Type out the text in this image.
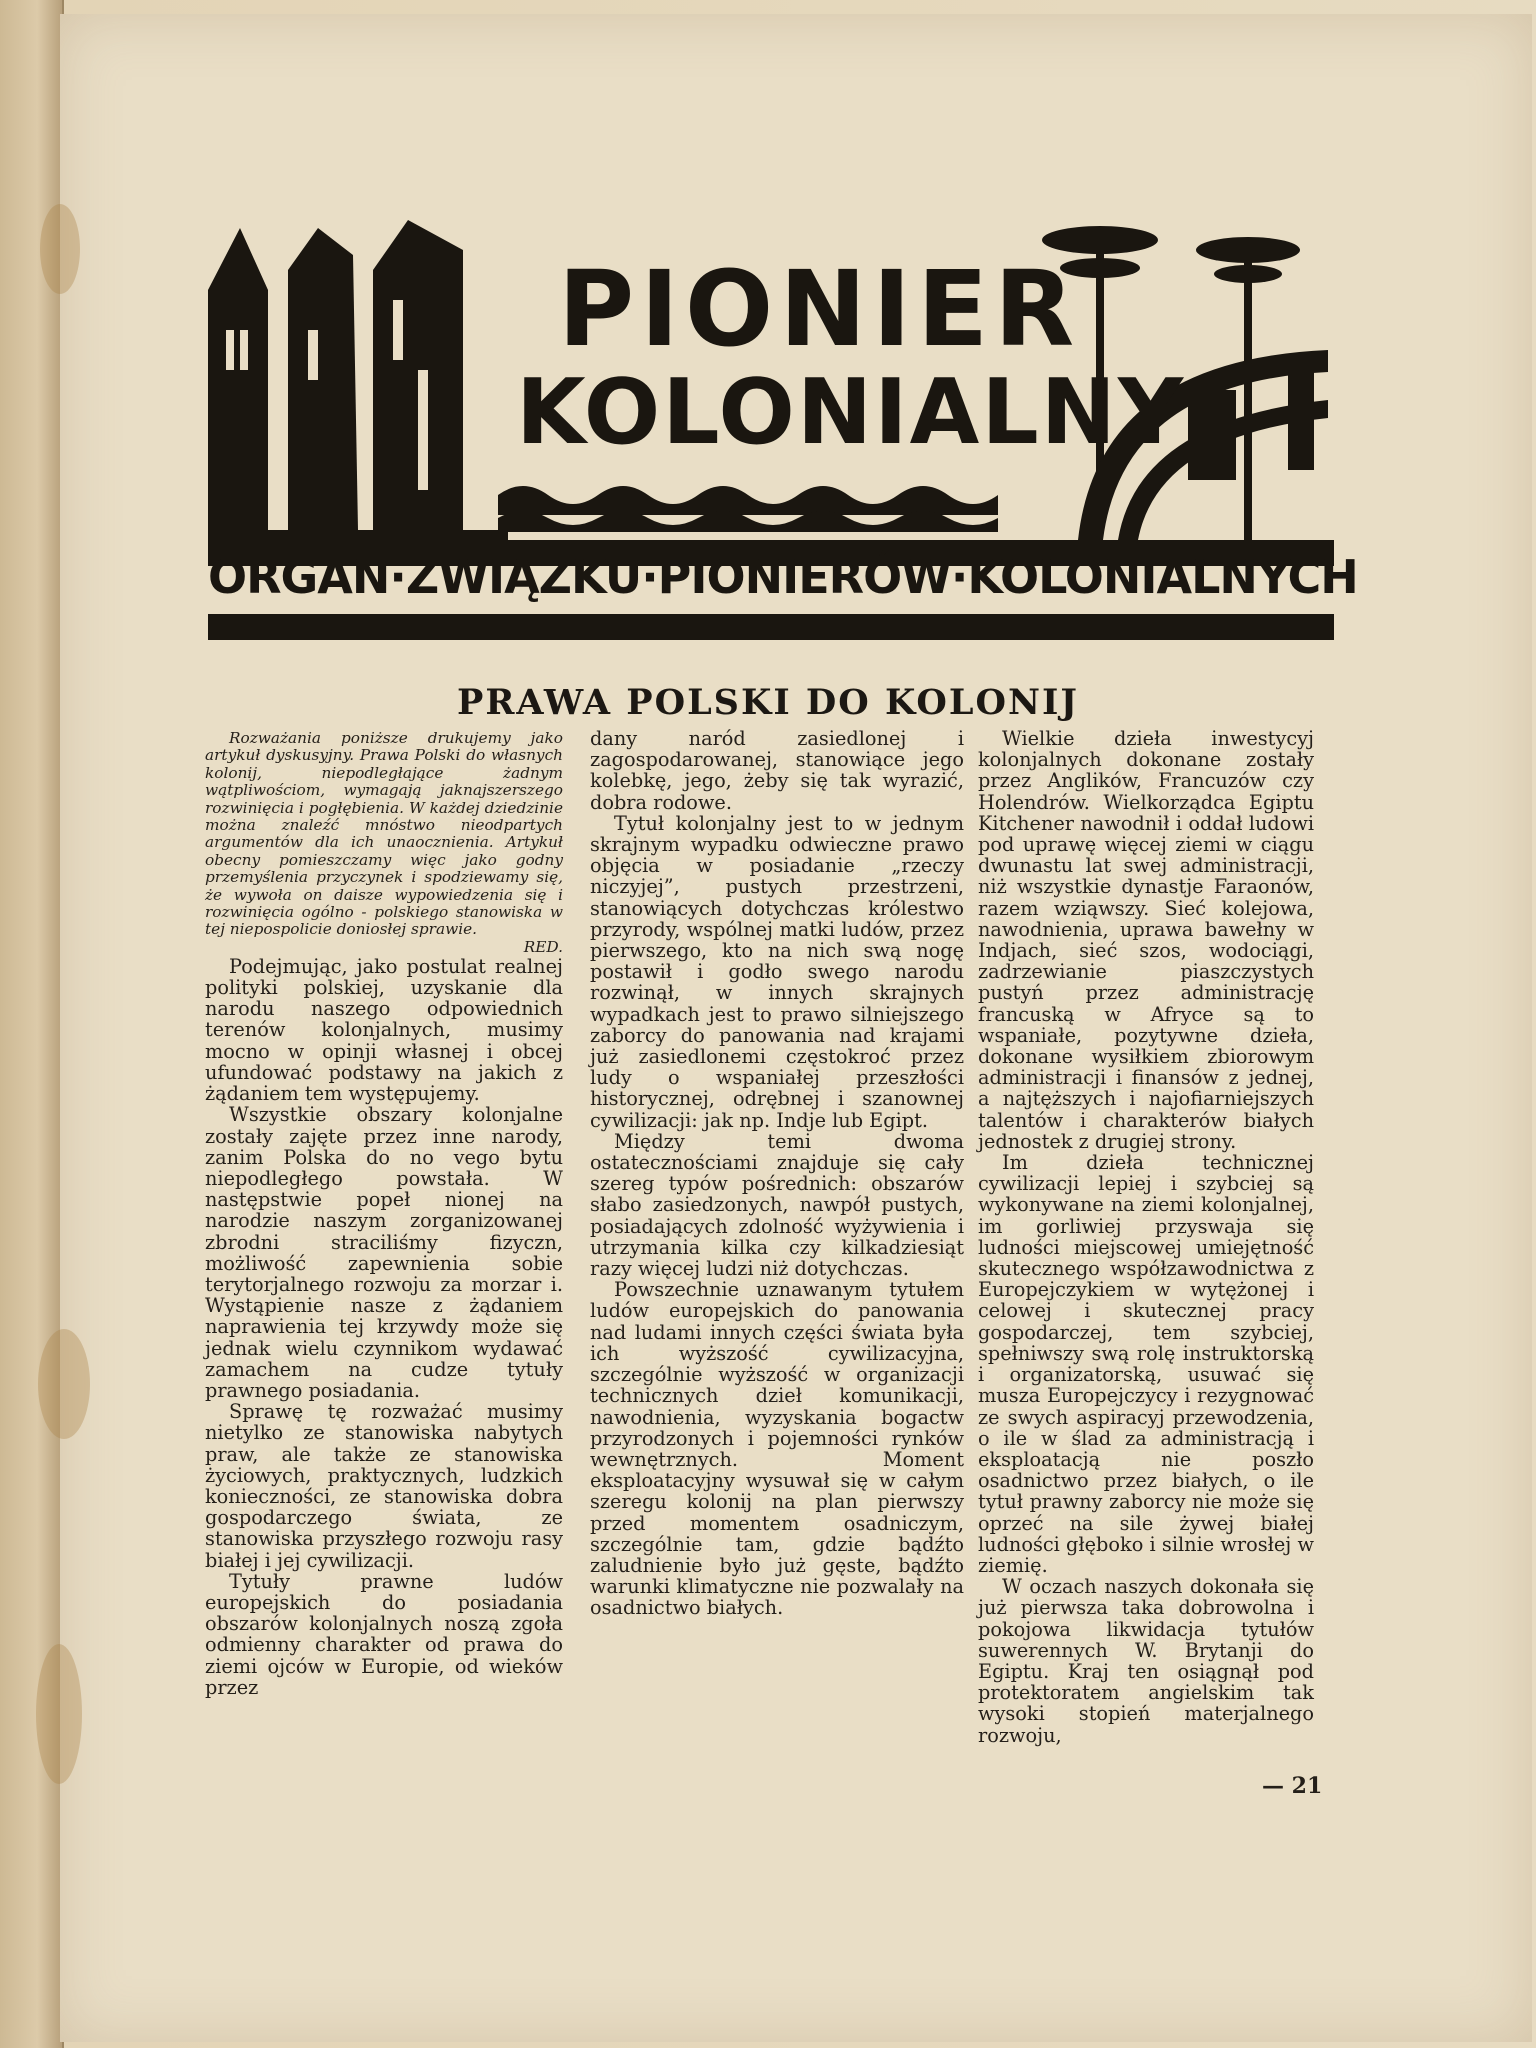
PIONIER
KOLONIALNY
ORGAN·ZWIĄZKU·PIONIERÓW·KOLONIALNYCH
PRAWA POLSKI DO KOLONIJ

Rozważania poniższe drukujemy jako artykuł dyskusyjny. Prawa Polski do własnych kolonij, niepodległające żadnym wątpliwościom, wymagają jaknajszerszego rozwinięcia i pogłębienia. W każdej dziedzinie można znaleźć mnóstwo nieodpartych argumentów dla ich unaocznienia. Artykuł obecny pomieszczamy więc jako godny przemyślenia przyczynek i spodziewamy się, że wywoła on daisze wypowiedzenia się i rozwinięcia ogólno - polskiego stanowiska w tej niepospolicie doniosłej sprawie.

RED.

Podejmując, jako postulat realnej polityki polskiej, uzyskanie dla narodu naszego odpowiednich terenów kolonjalnych, musimy mocno w opinji własnej i obcej ufundować podstawy na jakich z żądaniem tem występujemy.

Wszystkie obszary kolonjalne zostały zajęte przez inne narody, zanim Polska do no vego bytu niepodległego powstała. W następstwie popeł nionej na narodzie naszym zorganizowanej zbrodni straciliśmy fizyczn, możliwość zapewnienia sobie terytorjalnego rozwoju za morzar i. Wystąpienie nasze z żądaniem naprawienia tej krzywdy może się jednak wielu czynnikom wydawać zamachem na cudze tytuły prawnego posiadania.

Sprawę tę rozważać musimy nietylko ze stanowiska nabytych praw, ale także ze stanowiska życiowych, praktycznych, ludzkich konieczności, ze stanowiska dobra gospodarczego świata, ze stanowiska przyszłego rozwoju rasy białej i jej cywilizacji.

Tytuły prawne ludów europejskich do posiadania obszarów kolonjalnych noszą zgoła odmienny charakter od prawa do ziemi ojców w Europie, od wieków przez

dany naród zasiedlonej i zagospodarowanej, stanowiące jego kolebkę, jego, żeby się tak wyrazić, dobra rodowe.

Tytuł kolonjalny jest to w jednym skrajnym wypadku odwieczne prawo objęcia w posiadanie „rzeczy niczyjej”, pustych przestrzeni, stanowiących dotychczas królestwo przyrody, wspólnej matki ludów, przez pierwszego, kto na nich swą nogę postawił i godło swego narodu rozwinął, w innych skrajnych wypadkach jest to prawo silniejszego zaborcy do panowania nad krajami już zasiedlonemi częstokroć przez ludy o wspaniałej przeszłości historycznej, odrębnej i szanownej cywilizacji: jak np. Indje lub Egipt.

Między temi dwoma ostatecznościami znajduje się cały szereg typów pośrednich: obszarów słabo zasiedzonych, nawpół pustych, posiadających zdolność wyżywienia i utrzymania kilka czy kilkadziesiąt razy więcej ludzi niż dotychczas.

Powszechnie uznawanym tytułem ludów europejskich do panowania nad ludami innych części świata była ich wyższość cywilizacyjna, szczególnie wyższość w organizacji technicznych dzieł komunikacji, nawodnienia, wyzyskania bogactw przyrodzonych i pojemności rynków wewnętrznych. Moment eksploatacyjny wysuwał się w całym szeregu kolonij na plan pierwszy przed momentem osadniczym, szczególnie tam, gdzie bądźto zaludnienie było już gęste, bądźto warunki klimatyczne nie pozwalały na osadnictwo białych.

Wielkie dzieła inwestycyj kolonjalnych dokonane zostały przez Anglików, Francuzów czy Holendrów. Wielkorządca Egiptu Kitchener nawodnił i oddał ludowi pod uprawę więcej ziemi w ciągu dwunastu lat swej administracji, niż wszystkie dynastje Faraonów, razem wziąwszy. Sieć kolejowa, nawodnienia, uprawa bawełny w Indjach, sieć szos, wodociągi, zadrzewianie piaszczystych pustyń przez administrację francuską w Afryce są to wspaniałe, pozytywne dzieła, dokonane wysiłkiem zbiorowym administracji i finansów z jednej, a najtęższych i najofiarniejszych talentów i charakterów białych jednostek z drugiej strony.

Im dzieła technicznej cywilizacji lepiej i szybciej są wykonywane na ziemi kolonjalnej, im gorliwiej przyswaja się ludności miejscowej umiejętność skutecznego współzawodnictwa z Europejczykiem w wytężonej i celowej i skutecznej pracy gospodarczej, tem szybciej, spełniwszy swą rolę instruktorską i organizatorską, usuwać się musza Europejczycy i rezygnować ze swych aspiracyj przewodzenia, o ile w ślad za administracją i eksploatacją nie poszło osadnictwo przez białych, o ile tytuł prawny zaborcy nie może się oprzeć na sile żywej białej ludności głęboko i silnie wrosłej w ziemię.

W oczach naszych dokonała się już pierwsza taka dobrowolna i pokojowa likwidacja tytułów suwerennych W. Brytanji do Egiptu. Kraj ten osiągnął pod protektoratem angielskim tak wysoki stopień materjalnego rozwoju,

— 21
